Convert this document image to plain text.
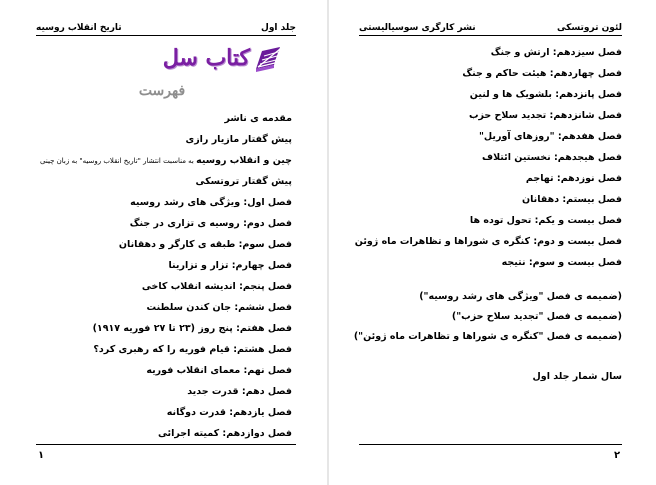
جلد اول
تاریخ انقلاب روسیه
کتاب سل
فهرست
مقدمه ی ناشر
پیش گفتار مازیار رازی
چین و انقلاب روسیه به مناسبت انتشار "تاریخ انقلاب روسیه" به زبان چینی
پیش گفتار تروتسکی
فصل اول: ویژگی های رشد روسیه
فصل دوم: روسیه ی تزاری در جنگ
فصل سوم: طبقه ی کارگر و دهقانان
فصل چهارم: تزار و تزارینا
فصل پنجم: اندیشه انقلاب کاخی
فصل ششم: جان کندن سلطنت
فصل هفتم: پنج روز (۲۳ تا ۲۷ فوریه ۱۹۱۷)
فصل هشتم: قیام فوریه را که رهبری کرد؟
فصل نهم: معمای انقلاب فوریه
فصل دهم: قدرت جدید
فصل یازدهم: قدرت دوگانه
فصل دوازدهم: کمیته اجرائی
۱
لئون تروتسکی
نشر کارگری سوسیالیستی
فصل سیزدهم: ارتش و جنگ
فصل چهاردهم: هیئت حاکم و جنگ
فصل پانزدهم: بلشویک ها و لنین
فصل شانزدهم: تجدید سلاح حزب
فصل هفدهم: "روزهای آوریل"
فصل هیجدهم: نخستین ائتلاف
فصل نوزدهم: تهاجم
فصل بیستم: دهقانان
فصل بیست و یکم: تحول توده ها
فصل بیست و دوم: کنگره ی شوراها و تظاهرات ماه ژوئن
فصل بیست و سوم: نتیجه
(ضمیمه ی فصل "ویژگی های رشد روسیه")
(ضمیمه ی فصل "تجدید سلاح حزب")
(ضمیمه ی فصل "کنگره ی شوراها و تظاهرات ماه ژوئن")
سال شمار جلد اول
۲
